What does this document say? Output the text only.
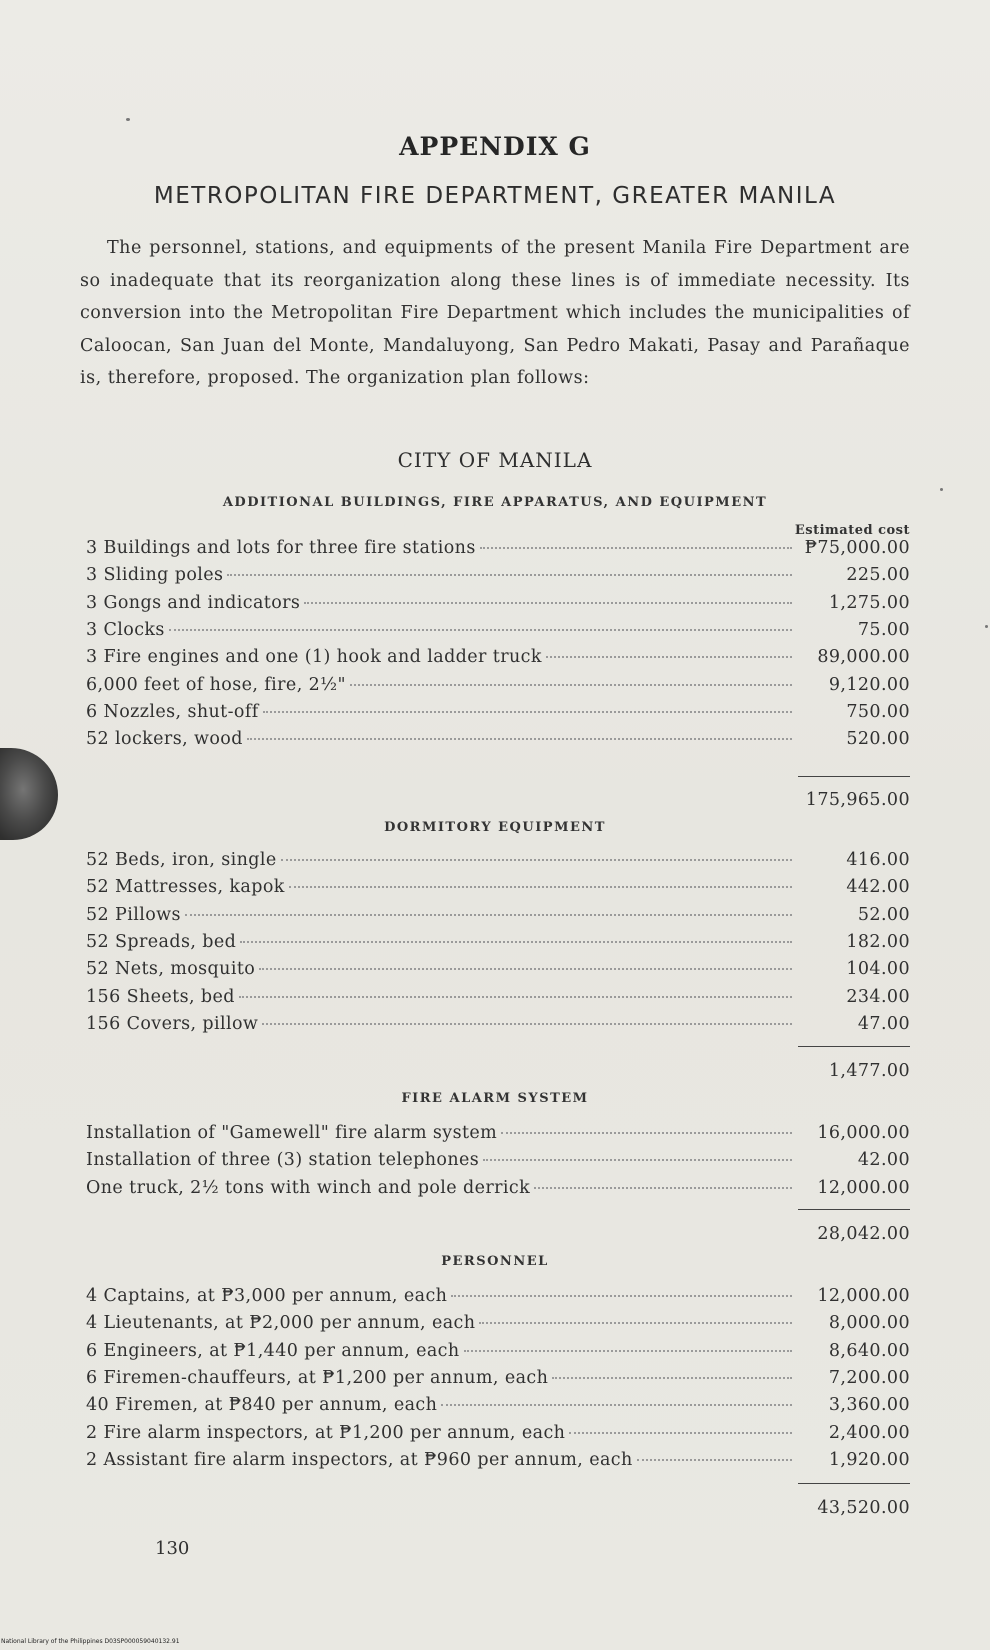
APPENDIX G
METROPOLITAN FIRE DEPARTMENT, GREATER MANILA
The personnel, stations, and equipments of the present Manila Fire Department are so inadequate that its reorganization along these lines is of immediate necessity. Its conversion into the Metropolitan Fire Department which includes the municipalities of Caloocan, San Juan del Monte, Mandaluyong, San Pedro Makati, Pasay and Parañaque is, therefore, proposed. The organization plan follows:
CITY OF MANILA
ADDITIONAL BUILDINGS, FIRE APPARATUS, AND EQUIPMENT
Estimated cost
3 Buildings and lots for three fire stations	₱75,000.00
3 Sliding poles	225.00
3 Gongs and indicators	1,275.00
3 Clocks	75.00
3 Fire engines and one (1) hook and ladder truck	89,000.00
6,000 feet of hose, fire, 2½"	9,120.00
6 Nozzles, shut-off	750.00
52 lockers, wood	520.00
175,965.00
DORMITORY EQUIPMENT
52 Beds, iron, single	416.00
52 Mattresses, kapok	442.00
52 Pillows	52.00
52 Spreads, bed	182.00
52 Nets, mosquito	104.00
156 Sheets, bed	234.00
156 Covers, pillow	47.00
1,477.00
FIRE ALARM SYSTEM
Installation of "Gamewell" fire alarm system	16,000.00
Installation of three (3) station telephones	42.00
One truck, 2½ tons with winch and pole derrick	12,000.00
28,042.00
PERSONNEL
4 Captains, at ₱3,000 per annum, each	12,000.00
4 Lieutenants, at ₱2,000 per annum, each	8,000.00
6 Engineers, at ₱1,440 per annum, each	8,640.00
6 Firemen-chauffeurs, at ₱1,200 per annum, each	7,200.00
40 Firemen, at ₱840 per annum, each	3,360.00
2 Fire alarm inspectors, at ₱1,200 per annum, each	2,400.00
2 Assistant fire alarm inspectors, at ₱960 per annum, each	1,920.00
43,520.00
130
National Library of the Philippines D03SP000059040132.91
